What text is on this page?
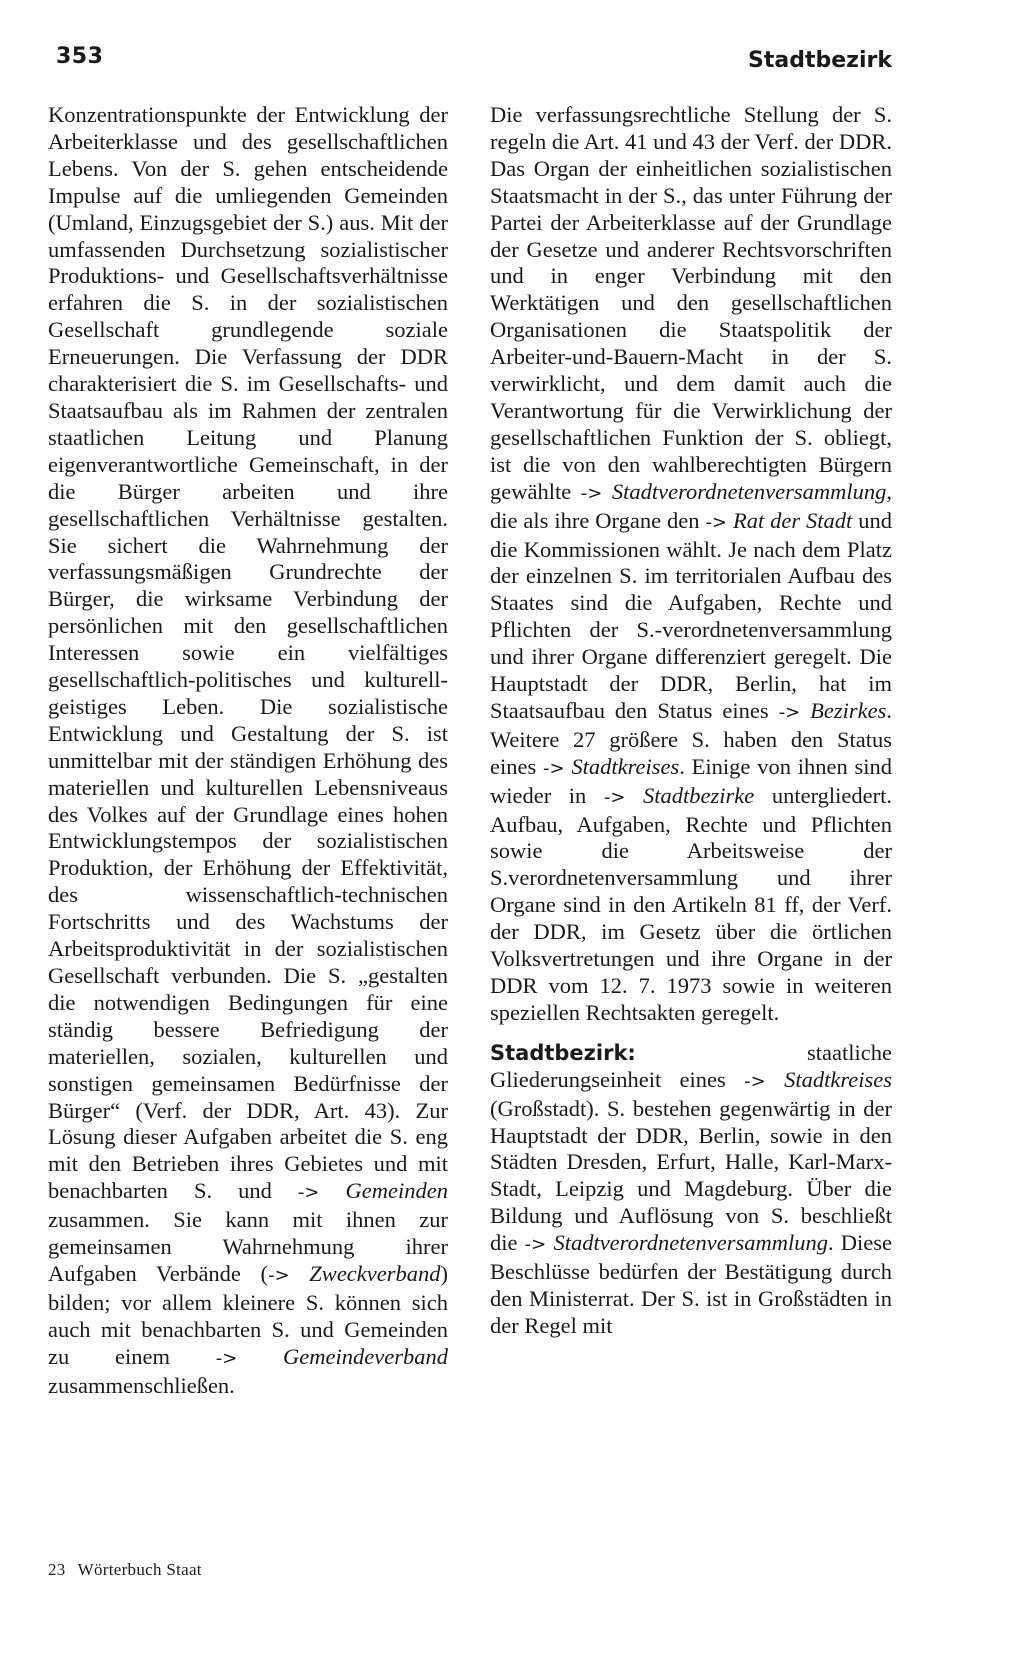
353	Stadtbezirk

Konzentrationspunkte der Entwicklung der Arbeiterklasse und des gesellschaftlichen Lebens. Von der S. gehen entscheidende Impulse auf die umliegenden Gemeinden (Umland, Einzugsgebiet der S.) aus. Mit der umfassenden Durchsetzung sozialistischer Produktions- und Gesellschaftsverhältnisse erfahren die S. in der sozialistischen Gesellschaft grundlegende soziale Erneuerungen. Die Verfassung der DDR charakterisiert die S. im Gesellschafts- und Staatsaufbau als im Rahmen der zentralen staatlichen Leitung und Planung eigenverantwortliche Gemeinschaft, in der die Bürger arbeiten und ihre gesellschaftlichen Verhältnisse gestalten. Sie sichert die Wahrnehmung der verfassungsmäßigen Grundrechte der Bürger, die wirksame Verbindung der persönlichen mit den gesellschaftlichen Interessen sowie ein vielfältiges gesellschaftlich-politisches und kulturell-geistiges Leben. Die sozialistische Entwicklung und Gestaltung der S. ist unmittelbar mit der ständigen Erhöhung des materiellen und kulturellen Lebensniveaus des Volkes auf der Grundlage eines hohen Entwicklungstempos der sozialistischen Produktion, der Erhöhung der Effektivität, des wissenschaftlich-technischen Fortschritts und des Wachstums der Arbeitsproduktivität in der sozialistischen Gesellschaft verbunden. Die S. „gestalten die notwendigen Bedingungen für eine ständig bessere Befriedigung der materiellen, sozialen, kulturellen und sonstigen gemeinsamen Bedürfnisse der Bürger“ (Verf. der DDR, Art. 43). Zur Lösung dieser Aufgaben arbeitet die S. eng mit den Betrieben ihres Gebietes und mit benachbarten S. und -> Gemeinden zusammen. Sie kann mit ihnen zur gemeinsamen Wahrnehmung ihrer Aufgaben Verbände (-> Zweckverband) bilden; vor allem kleinere S. können sich auch mit benachbarten S. und Gemeinden zu einem -> Gemeindeverband zusammenschließen.

Die verfassungsrechtliche Stellung der S. regeln die Art. 41 und 43 der Verf. der DDR. Das Organ der einheitlichen sozialistischen Staatsmacht in der S., das unter Führung der Partei der Arbeiterklasse auf der Grundlage der Gesetze und anderer Rechtsvorschriften und in enger Verbindung mit den Werktätigen und den gesellschaftlichen Organisationen die Staatspolitik der Arbeiter-und-Bauern-Macht in der S. verwirklicht, und dem damit auch die Verantwortung für die Verwirklichung der gesellschaftlichen Funktion der S. obliegt, ist die von den wahlberechtigten Bürgern gewählte -> Stadtverordnetenversammlung, die als ihre Organe den -> Rat der Stadt und die Kommissionen wählt. Je nach dem Platz der einzelnen S. im territorialen Aufbau des Staates sind die Aufgaben, Rechte und Pflichten der S.-verordnetenversammlung und ihrer Organe differenziert geregelt. Die Hauptstadt der DDR, Berlin, hat im Staatsaufbau den Status eines -> Bezirkes. Weitere 27 größere S. haben den Status eines -> Stadtkreises. Einige von ihnen sind wieder in -> Stadtbezirke untergliedert. Aufbau, Aufgaben, Rechte und Pflichten sowie die Arbeitsweise der S.verordnetenversammlung und ihrer Organe sind in den Artikeln 81 ff, der Verf. der DDR, im Gesetz über die örtlichen Volksvertretungen und ihre Organe in der DDR vom 12. 7. 1973 sowie in weiteren speziellen Rechtsakten geregelt.

Stadtbezirk: staatliche Gliederungseinheit eines -> Stadtkreises (Großstadt). S. bestehen gegenwärtig in der Hauptstadt der DDR, Berlin, sowie in den Städten Dresden, Erfurt, Halle, Karl-Marx-Stadt, Leipzig und Magdeburg. Über die Bildung und Auflösung von S. beschließt die -> Stadtverordnetenversammlung. Diese Beschlüsse bedürfen der Bestätigung durch den Ministerrat. Der S. ist in Großstädten in der Regel mit

23 Wörterbuch Staat
